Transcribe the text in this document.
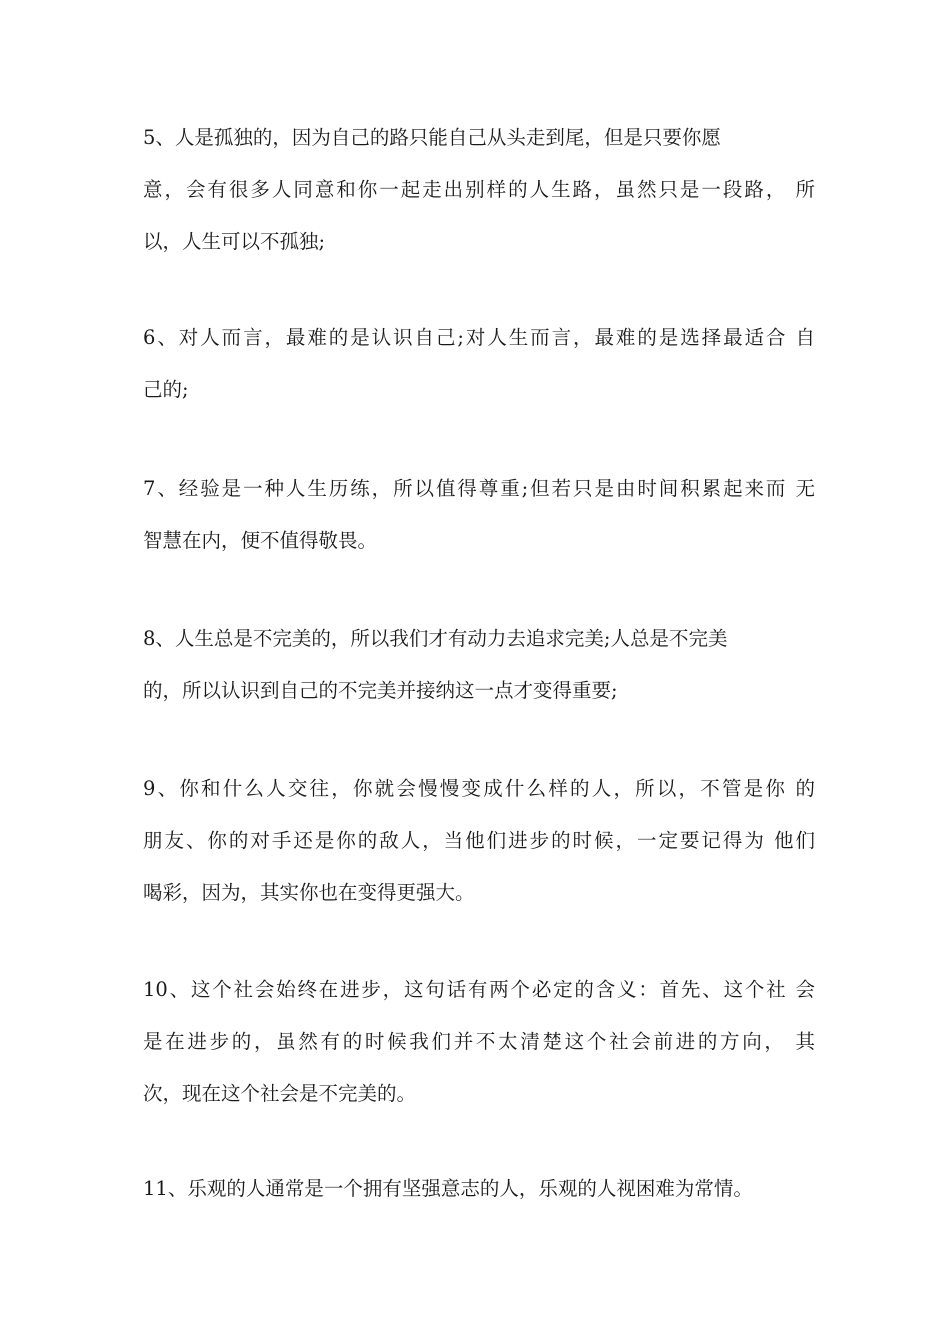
5、人是孤独的，因为自己的路只能自己从头走到尾，但是只要你愿
意，会有很多人同意和你一起走出别样的人生路，虽然只是一段路， 所
以，人生可以不孤独;
6、对人而言，最难的是认识自己;对人生而言，最难的是选择最适合 自
己的;
7、经验是一种人生历练，所以值得尊重;但若只是由时间积累起来而 无
智慧在内，便不值得敬畏。
8、人生总是不完美的，所以我们才有动力去追求完美;人总是不完美
的，所以认识到自己的不完美并接纳这一点才变得重要;
9、你和什么人交往，你就会慢慢变成什么样的人，所以，不管是你 的
朋友、你的对手还是你的敌人，当他们进步的时候，一定要记得为 他们
喝彩，因为，其实你也在变得更强大。
10、这个社会始终在进步，这句话有两个必定的含义：首先、这个社 会
是在进步的，虽然有的时候我们并不太清楚这个社会前进的方向， 其
次，现在这个社会是不完美的。
11、乐观的人通常是一个拥有坚强意志的人，乐观的人视困难为常情。
